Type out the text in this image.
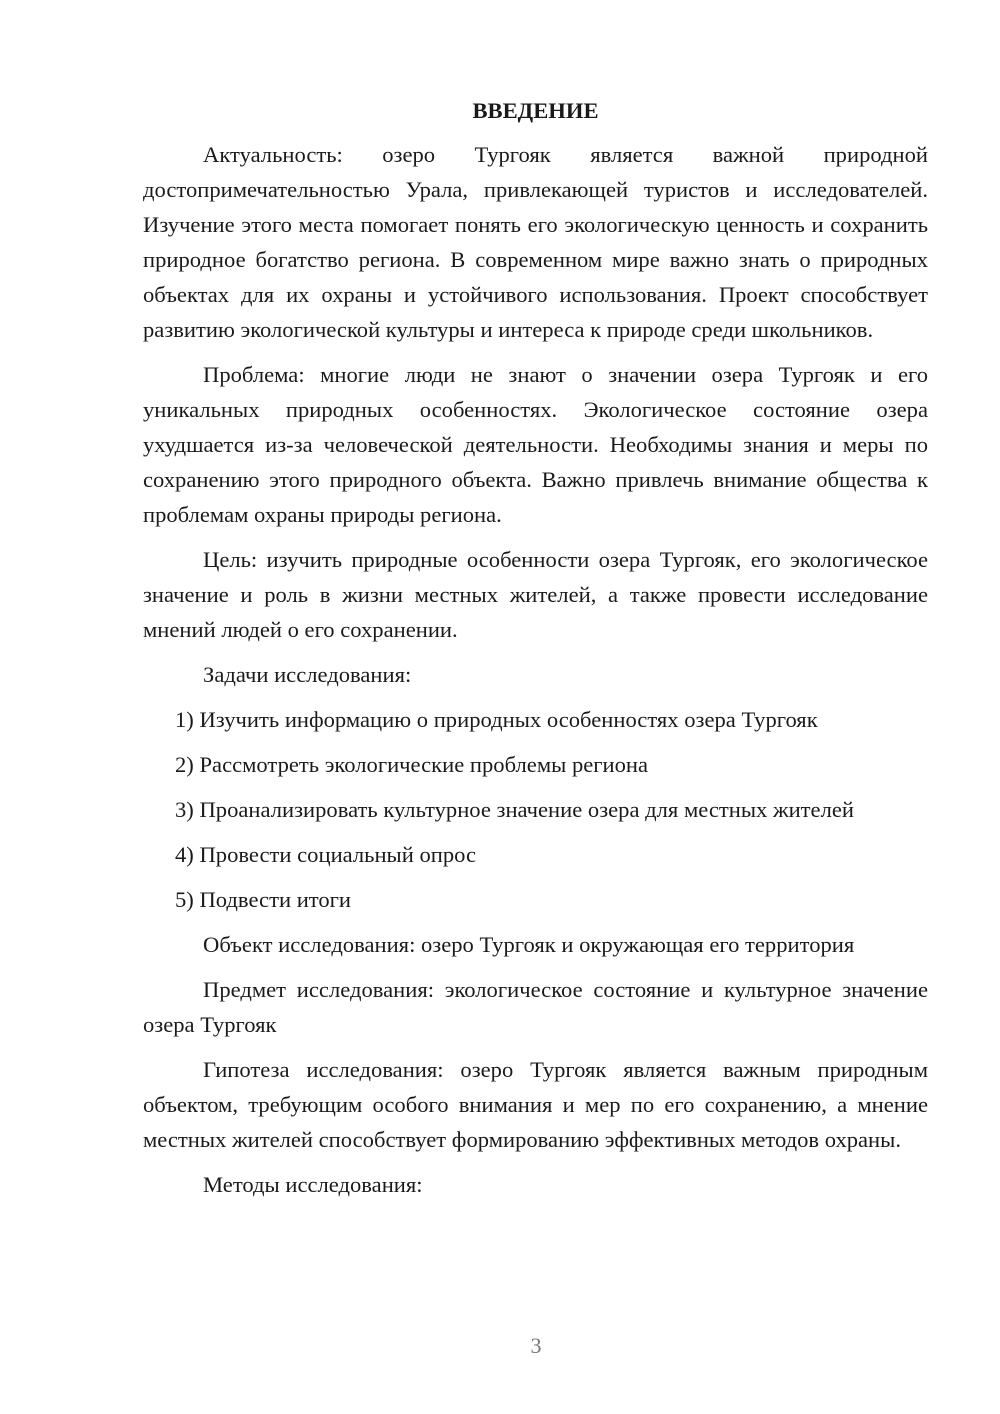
ВВЕДЕНИЕ

Актуальность: озеро Тургояк является важной природной достопримечательностью Урала, привлекающей туристов и исследователей. Изучение этого места помогает понять его экологическую ценность и сохранить природное богатство региона. В современном мире важно знать о природных объектах для их охраны и устойчивого использования. Проект способствует развитию экологической культуры и интереса к природе среди школьников.

Проблема: многие люди не знают о значении озера Тургояк и его уникальных природных особенностях. Экологическое состояние озера ухудшается из-за человеческой деятельности. Необходимы знания и меры по сохранению этого природного объекта. Важно привлечь внимание общества к проблемам охраны природы региона.

Цель: изучить природные особенности озера Тургояк, его экологическое значение и роль в жизни местных жителей, а также провести исследование мнений людей о его сохранении.

Задачи исследования:

1) Изучить информацию о природных особенностях озера Тургояк
2) Рассмотреть экологические проблемы региона
3) Проанализировать культурное значение озера для местных жителей
4) Провести социальный опрос
5) Подвести итоги

Объект исследования: озеро Тургояк и окружающая его территория

Предмет исследования: экологическое состояние и культурное значение озера Тургояк

Гипотеза исследования: озеро Тургояк является важным природным объектом, требующим особого внимания и мер по его сохранению, а мнение местных жителей способствует формированию эффективных методов охраны.

Методы исследования:

3
